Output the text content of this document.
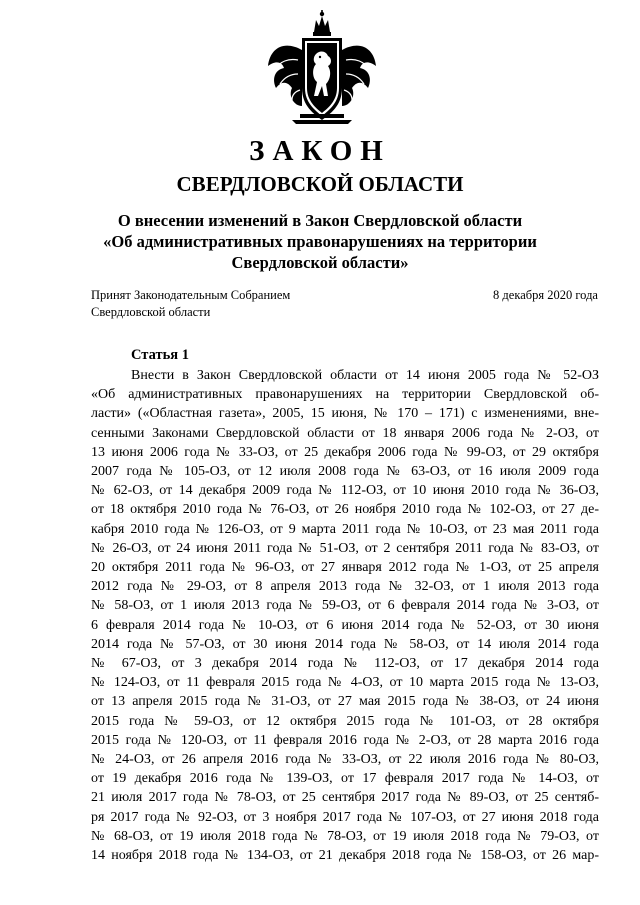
ЗАКОН
СВЕРДЛОВСКОЙ ОБЛАСТИ
О внесении изменений в Закон Свердловской области
«Об административных правонарушениях на территории
Свердловской области»
Принят Законодательным Собранием
Свердловской области
8 декабря 2020 года
Статья 1
Внести в Закон Свердловской области от 14 июня 2005 года № 52-ОЗ
«Об административных правонарушениях на территории Свердловской об-
ласти» («Областная газета», 2005, 15 июня, № 170 – 171) с изменениями, вне-
сенными Законами Свердловской области от 18 января 2006 года № 2-ОЗ, от
13 июня 2006 года № 33-ОЗ, от 25 декабря 2006 года № 99-ОЗ, от 29 октября
2007 года № 105-ОЗ, от 12 июля 2008 года № 63-ОЗ, от 16 июля 2009 года
№ 62-ОЗ, от 14 декабря 2009 года № 112-ОЗ, от 10 июня 2010 года № 36-ОЗ,
от 18 октября 2010 года № 76-ОЗ, от 26 ноября 2010 года № 102-ОЗ, от 27 де-
кабря 2010 года № 126-ОЗ, от 9 марта 2011 года № 10-ОЗ, от 23 мая 2011 года
№ 26-ОЗ, от 24 июня 2011 года № 51-ОЗ, от 2 сентября 2011 года № 83-ОЗ, от
20 октября 2011 года № 96-ОЗ, от 27 января 2012 года № 1-ОЗ, от 25 апреля
2012 года № 29-ОЗ, от 8 апреля 2013 года № 32-ОЗ, от 1 июля 2013 года
№ 58-ОЗ, от 1 июля 2013 года № 59-ОЗ, от 6 февраля 2014 года № 3-ОЗ, от
6 февраля 2014 года № 10-ОЗ, от 6 июня 2014 года № 52-ОЗ, от 30 июня
2014 года № 57-ОЗ, от 30 июня 2014 года № 58-ОЗ, от 14 июля 2014 года
№ 67-ОЗ, от 3 декабря 2014 года № 112-ОЗ, от 17 декабря 2014 года
№ 124-ОЗ, от 11 февраля 2015 года № 4-ОЗ, от 10 марта 2015 года № 13-ОЗ,
от 13 апреля 2015 года № 31-ОЗ, от 27 мая 2015 года № 38-ОЗ, от 24 июня
2015 года № 59-ОЗ, от 12 октября 2015 года № 101-ОЗ, от 28 октября
2015 года № 120-ОЗ, от 11 февраля 2016 года № 2-ОЗ, от 28 марта 2016 года
№ 24-ОЗ, от 26 апреля 2016 года № 33-ОЗ, от 22 июля 2016 года № 80-ОЗ,
от 19 декабря 2016 года № 139-ОЗ, от 17 февраля 2017 года № 14-ОЗ, от
21 июля 2017 года № 78-ОЗ, от 25 сентября 2017 года № 89-ОЗ, от 25 сентяб-
ря 2017 года № 92-ОЗ, от 3 ноября 2017 года № 107-ОЗ, от 27 июня 2018 года
№ 68-ОЗ, от 19 июля 2018 года № 78-ОЗ, от 19 июля 2018 года № 79-ОЗ, от
14 ноября 2018 года № 134-ОЗ, от 21 декабря 2018 года № 158-ОЗ, от 26 мар-
